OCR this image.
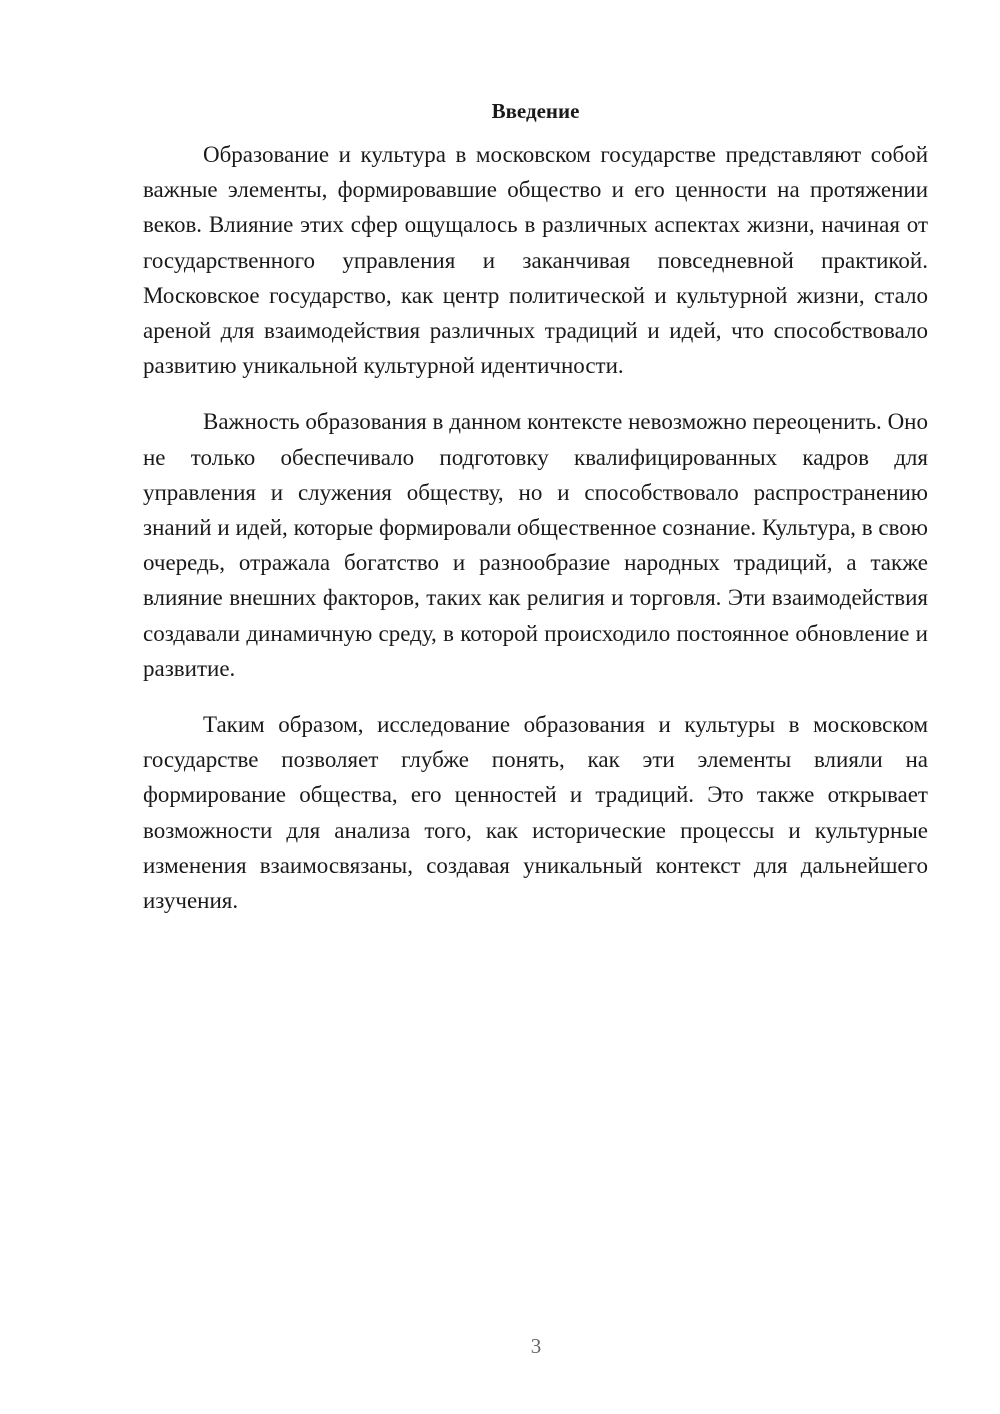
Введение

Образование и культура в московском государстве представляют собой важные элементы, формировавшие общество и его ценности на протяжении веков. Влияние этих сфер ощущалось в различных аспектах жизни, начиная от государственного управления и заканчивая повседневной практикой. Московское государство, как центр политической и культурной жизни, стало ареной для взаимодействия различных традиций и идей, что способствовало развитию уникальной культурной идентичности.

Важность образования в данном контексте невозможно переоценить. Оно не только обеспечивало подготовку квалифицированных кадров для управления и служения обществу, но и способствовало распространению знаний и идей, которые формировали общественное сознание. Культура, в свою очередь, отражала богатство и разнообразие народных традиций, а также влияние внешних факторов, таких как религия и торговля. Эти взаимодействия создавали динамичную среду, в которой происходило постоянное обновление и развитие.

Таким образом, исследование образования и культуры в московском государстве позволяет глубже понять, как эти элементы влияли на формирование общества, его ценностей и традиций. Это также открывает возможности для анализа того, как исторические процессы и культурные изменения взаимосвязаны, создавая уникальный контекст для дальнейшего изучения.

3
